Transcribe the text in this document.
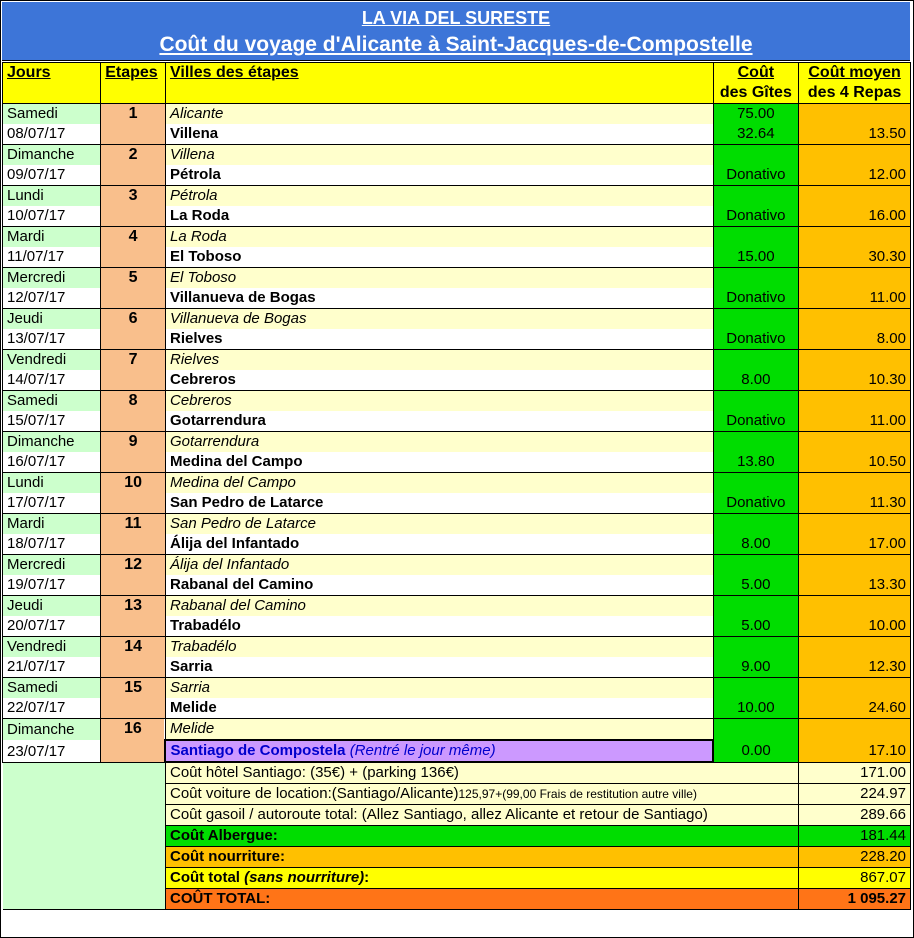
LA VIA DEL SURESTE
Coût du voyage d'Alicante à Saint-Jacques-de-Compostelle
Jours	Etapes	Villes des étapes	Coût
des Gîtes	Coût moyen
des 4 Repas
Samedi	1	Alicante	75.00	
08/07/17		Villena	32.64	13.50
Dimanche	2	Villena		
09/07/17		Pétrola	Donativo	12.00
Lundi	3	Pétrola		
10/07/17		La Roda	Donativo	16.00
Mardi	4	La Roda		
11/07/17		El Toboso	15.00	30.30
Mercredi	5	El Toboso		
12/07/17		Villanueva de Bogas	Donativo	11.00
Jeudi	6	Villanueva de Bogas		
13/07/17		Rielves	Donativo	8.00
Vendredi	7	Rielves		
14/07/17		Cebreros	8.00	10.30
Samedi	8	Cebreros		
15/07/17		Gotarrendura	Donativo	11.00
Dimanche	9	Gotarrendura		
16/07/17		Medina del Campo	13.80	10.50
Lundi	10	Medina del Campo		
17/07/17		San Pedro de Latarce	Donativo	11.30
Mardi	11	San Pedro de Latarce		
18/07/17		Álija del Infantado	8.00	17.00
Mercredi	12	Álija del Infantado		
19/07/17		Rabanal del Camino	5.00	13.30
Jeudi	13	Rabanal del Camino		
20/07/17		Trabadélo	5.00	10.00
Vendredi	14	Trabadélo		
21/07/17		Sarria	9.00	12.30
Samedi	15	Sarria		
22/07/17		Melide	10.00	24.60
Dimanche	16	Melide		
23/07/17		Santiago de Compostela (Rentré le jour même)	0.00	17.10
		Coût hôtel Santiago: (35€) + (parking 136€)		171.00
		Coût voiture de location:(Santiago/Alicante)125,97+(99,00 Frais de restitution autre ville)		224.97
		Coût gasoil / autoroute total: (Allez Santiago, allez Alicante et retour de Santiago)		289.66
		Coût Albergue:		181.44
		Coût nourriture:		228.20
		Coût total (sans nourriture):		867.07
		COÛT TOTAL:		1 095.27
